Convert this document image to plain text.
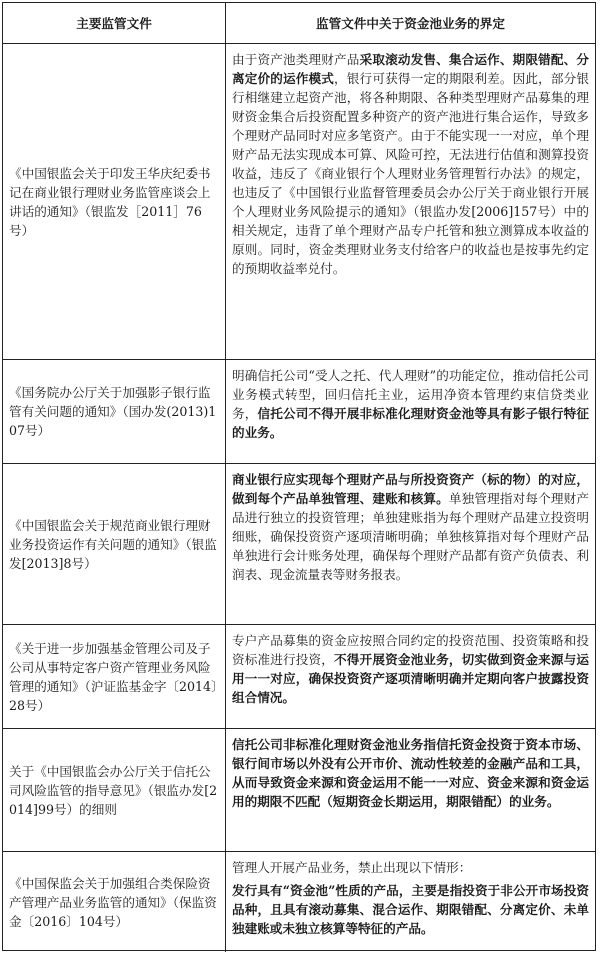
主要监管文件	监管文件中关于资金池业务的界定
《中国银监会关于印发王华庆纪委书记在商业银行理财业务监管座谈会上讲话的通知》（银监发［2011］76号）

由于资产池类理财产品采取滚动发售、集合运作、期限错配、分离定价的运作模式，银行可获得一定的期限利差。因此，部分银行相继建立起资产池，将各种期限、各种类型理财产品募集的理财资金集合后投资配置多种资产的资产池进行集合运作，导致多个理财产品同时对应多笔资产。由于不能实现一一对应，单个理财产品无法实现成本可算、风险可控，无法进行估值和测算投资收益，违反了《商业银行个人理财业务管理暂行办法》的规定，也违反了《中国银行业监督管理委员会办公厅关于商业银行开展个人理财业务风险提示的通知》（银监办发[2006]157号）中的相关规定，违背了单个理财产品专户托管和独立测算成本收益的原则。同时，资金类理财业务支付给客户的收益也是按事先约定的预期收益率兑付。

《国务院办公厅关于加强影子银行监管有关问题的通知》（国办发(2013)107号）

明确信托公司“受人之托、代人理财”的功能定位，推动信托公司业务模式转型，回归信托主业，运用净资本管理约束信贷类业务，信托公司不得开展非标准化理财资金池等具有影子银行特征的业务。

《中国银监会关于规范商业银行理财业务投资运作有关问题的通知》（银监发[2013]8号）

商业银行应实现每个理财产品与所投资资产（标的物）的对应，做到每个产品单独管理、建账和核算。单独管理指对每个理财产品进行独立的投资管理；单独建账指为每个理财产品建立投资明细账，确保投资资产逐项清晰明确；单独核算指对每个理财产品单独进行会计账务处理，确保每个理财产品都有资产负债表、利润表、现金流量表等财务报表。

《关于进一步加强基金管理公司及子公司从事特定客户资产管理业务风险管理的通知》（沪证监基金字〔2014〕28号）

专户产品募集的资金应按照合同约定的投资范围、投资策略和投资标准进行投资，不得开展资金池业务，切实做到资金来源与运用一一对应，确保投资资产逐项清晰明确并定期向客户披露投资组合情况。

关于《中国银监会办公厅关于信托公司风险监管的指导意见》（银监办发[2014]99号）的细则

信托公司非标准化理财资金池业务指信托资金投资于资本市场、银行间市场以外没有公开市价、流动性较差的金融产品和工具，从而导致资金来源和资金运用不能一一对应、资金来源和资金运用的期限不匹配（短期资金长期运用，期限错配）的业务。

《中国保监会关于加强组合类保险资产管理产品业务监管的通知》（保监资金〔2016〕104号）

管理人开展产品业务，禁止出现以下情形：

发行具有“资金池”性质的产品，主要是指投资于非公开市场投资品种，且具有滚动募集、混合运作、期限错配、分离定价、未单独建账或未独立核算等特征的产品。
